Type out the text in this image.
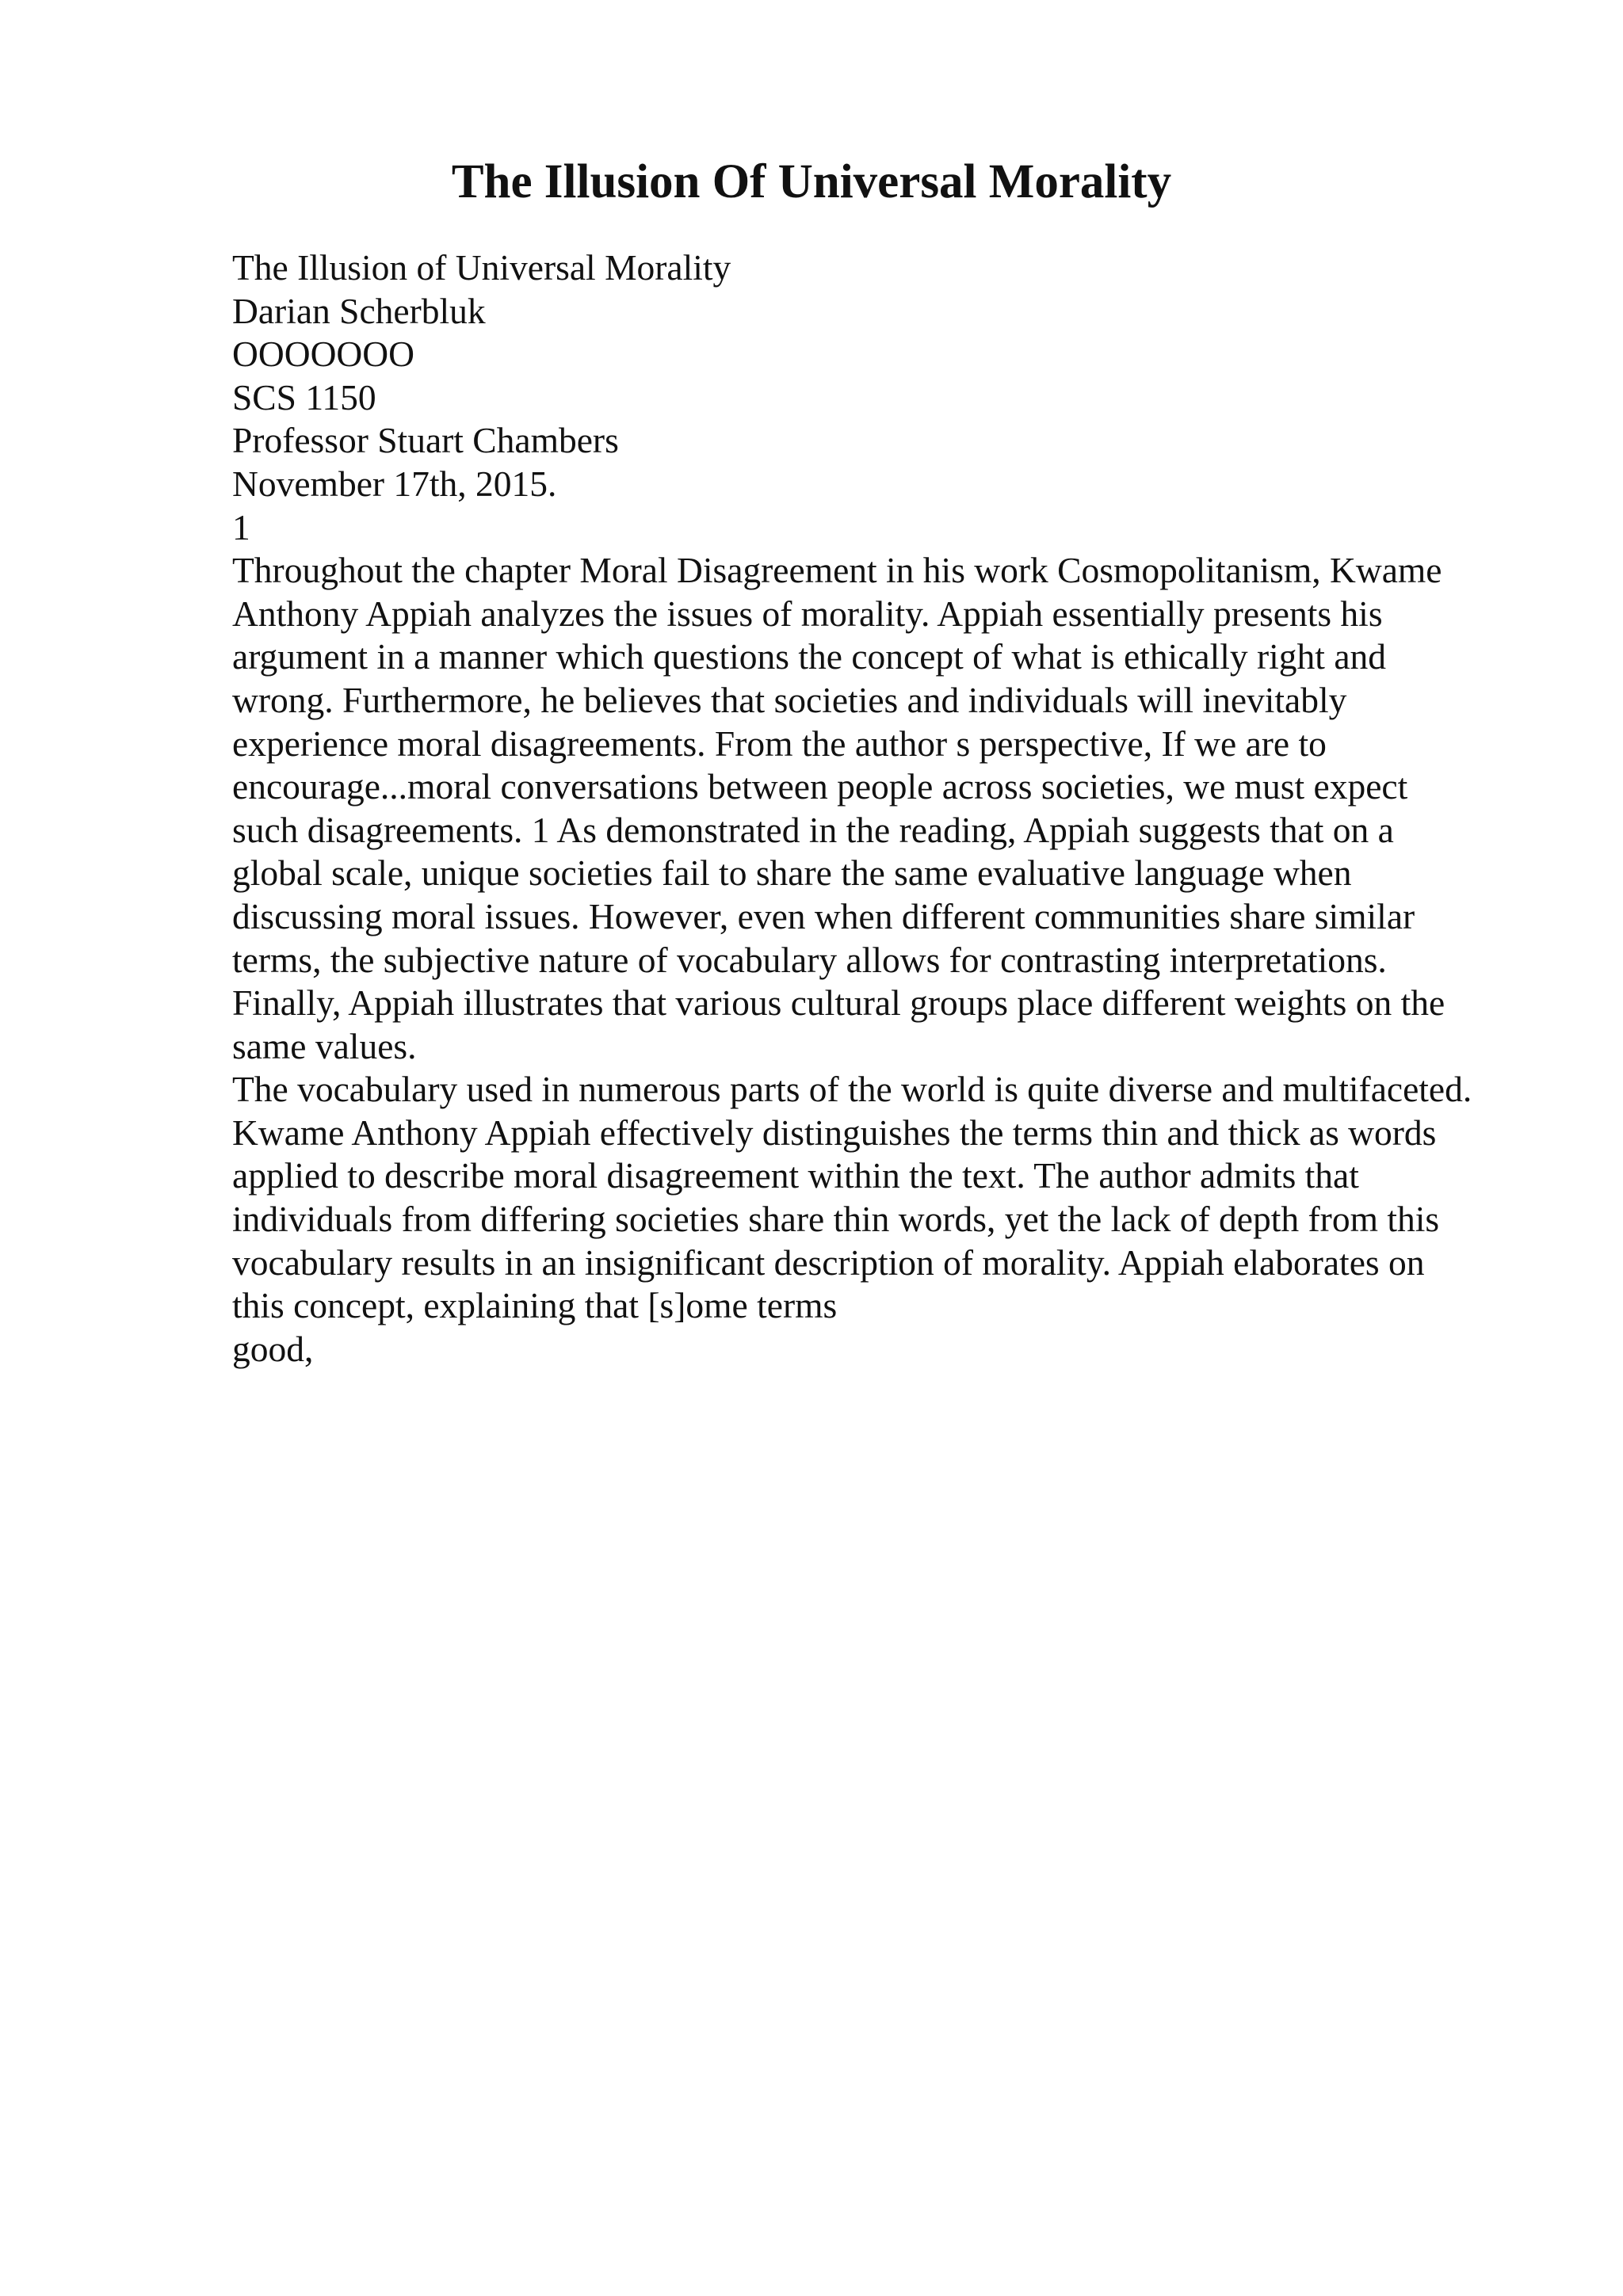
The Illusion Of Universal Morality
The Illusion of Universal Morality
Darian Scherbluk
OOOOOOO
SCS 1150
Professor Stuart Chambers
November 17th, 2015.
1
Throughout the chapter Moral Disagreement in his work Cosmopolitanism, Kwame
Anthony Appiah analyzes the issues of morality. Appiah essentially presents his
argument in a manner which questions the concept of what is ethically right and
wrong. Furthermore, he believes that societies and individuals will inevitably
experience moral disagreements. From the author s perspective, If we are to
encourage...moral conversations between people across societies, we must expect
such disagreements. 1 As demonstrated in the reading, Appiah suggests that on a
global scale, unique societies fail to share the same evaluative language when
discussing moral issues. However, even when different communities share similar
terms, the subjective nature of vocabulary allows for contrasting interpretations.
Finally, Appiah illustrates that various cultural groups place different weights on the
same values.
The vocabulary used in numerous parts of the world is quite diverse and multifaceted.
Kwame Anthony Appiah effectively distinguishes the terms thin and thick as words
applied to describe moral disagreement within the text. The author admits that
individuals from differing societies share thin words, yet the lack of depth from this
vocabulary results in an insignificant description of morality. Appiah elaborates on
this concept, explaining that [s]ome terms
good,
